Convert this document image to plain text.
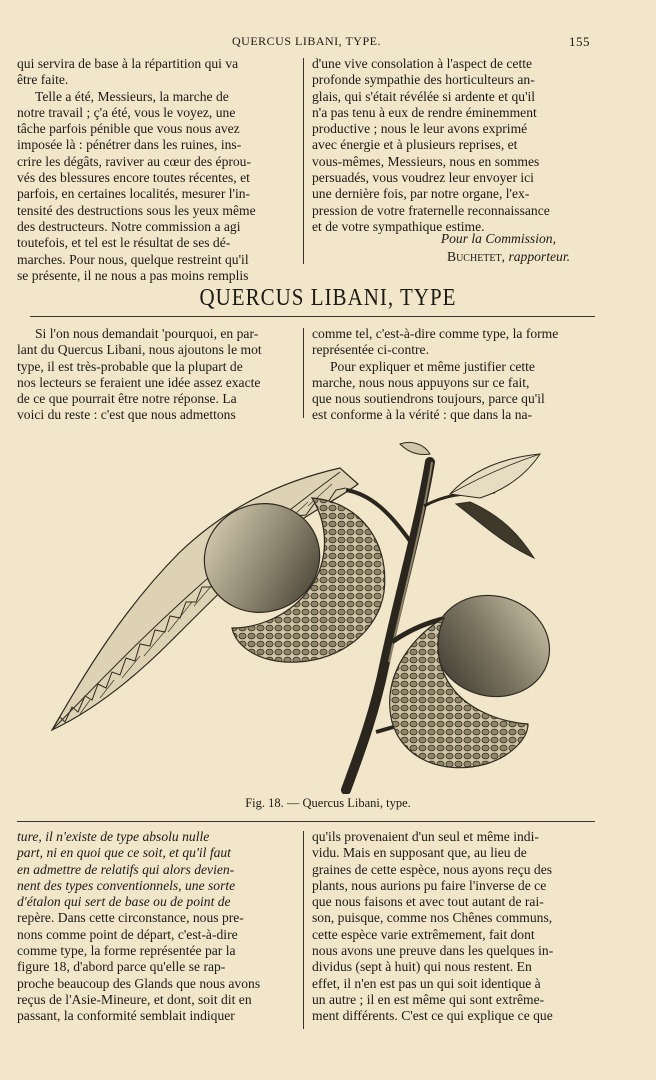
QUERCUS LIBANI, TYPE.	155

qui servira de base à la répartition qui va

être faite.

Telle a été, Messieurs, la marche de

notre travail ; ç'a été, vous le voyez, une

tâche parfois pénible que vous nous avez

imposée là : pénétrer dans les ruines, ins-

crire les dégâts, raviver au cœur des éprou-

vés des blessures encore toutes récentes, et

parfois, en certaines localités, mesurer l'in-

tensité des destructions sous les yeux même

des destructeurs. Notre commission a agi

toutefois, et tel est le résultat de ses dé-

marches. Pour nous, quelque restreint qu'il

se présente, il ne nous a pas moins remplis

d'une vive consolation à l'aspect de cette

profonde sympathie des horticulteurs an-

glais, qui s'était révélée si ardente et qu'il

n'a pas tenu à eux de rendre éminemment

productive ; nous le leur avons exprimé

avec énergie et à plusieurs reprises, et

vous-mêmes, Messieurs, nous en sommes

persuadés, vous voudrez leur envoyer ici

une dernière fois, par notre organe, l'ex-

pression de votre fraternelle reconnaissance

et de votre sympathique estime.

Pour la Commission,
Buchetet, rapporteur.
QUERCUS LIBANI, TYPE

Si l'on nous demandait 'pourquoi, en par-

lant du Quercus Libani, nous ajoutons le mot

type, il est très-probable que la plupart de

nos lecteurs se feraient une idée assez exacte

de ce que pourrait être notre réponse. La

voici du reste : c'est que nous admettons

comme tel, c'est-à-dire comme type, la forme

représentée ci-contre.

Pour expliquer et même justifier cette

marche, nous nous appuyons sur ce fait,

que nous soutiendrons toujours, parce qu'il

est conforme à la vérité : que dans la na-

Fig. 18. — Quercus Libani, type.

ture, il n'existe de type absolu nulle

part, ni en quoi que ce soit, et qu'il faut

en admettre de relatifs qui alors devien-

nent des types conventionnels, une sorte

d'étalon qui sert de base ou de point de

repère. Dans cette circonstance, nous pre-

nons comme point de départ, c'est-à-dire

comme type, la forme représentée par la

figure 18, d'abord parce qu'elle se rap-

proche beaucoup des Glands que nous avons

reçus de l'Asie-Mineure, et dont, soit dit en

passant, la conformité semblait indiquer

qu'ils provenaient d'un seul et même indi-

vidu. Mais en supposant que, au lieu de

graines de cette espèce, nous ayons reçu des

plants, nous aurions pu faire l'inverse de ce

que nous faisons et avec tout autant de rai-

son, puisque, comme nos Chênes communs,

cette espèce varie extrêmement, fait dont

nous avons une preuve dans les quelques in-

dividus (sept à huit) qui nous restent. En

effet, il n'en est pas un qui soit identique à

un autre ; il en est même qui sont extrême-

ment différents. C'est ce qui explique ce que
